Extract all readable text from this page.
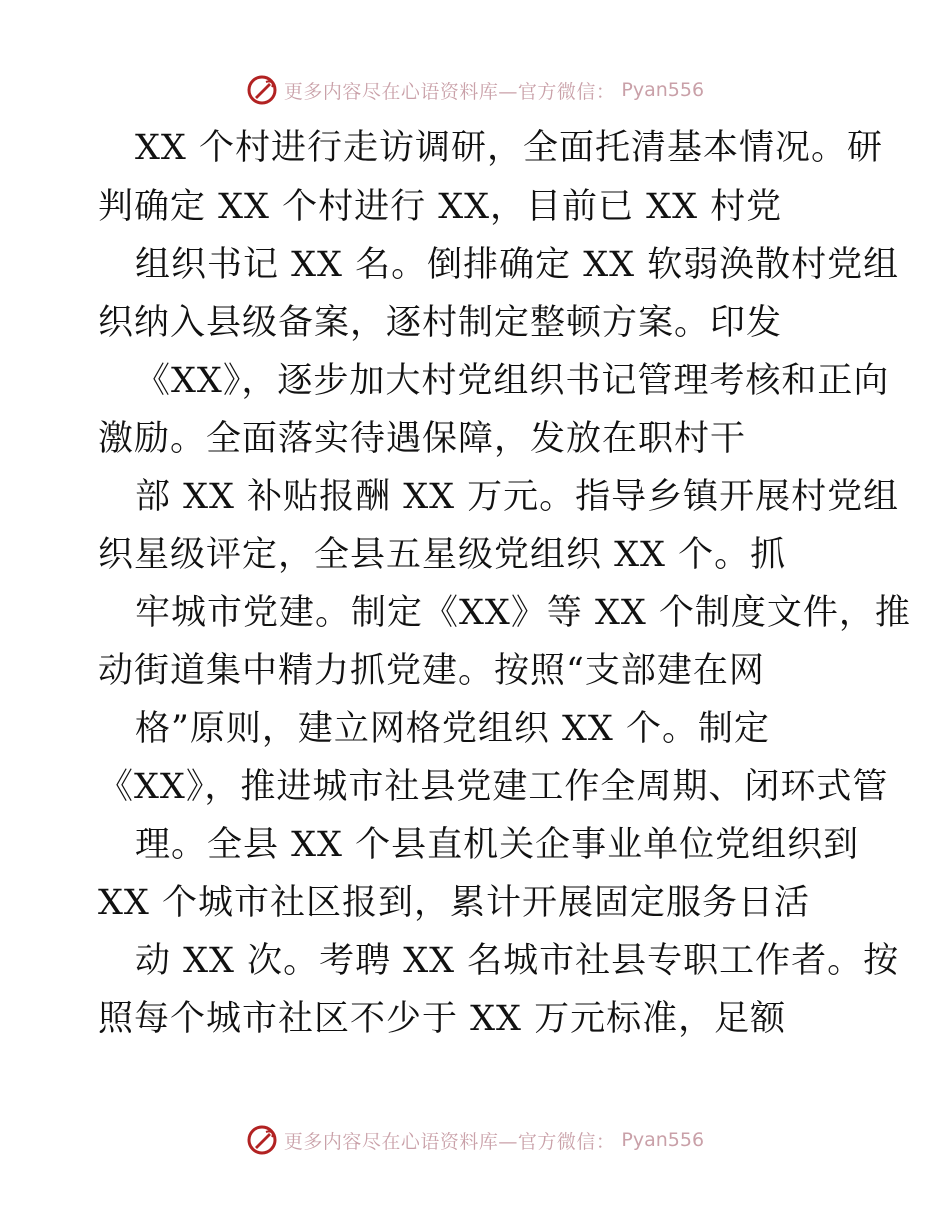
更多内容尽在心语资料库—官方微信： Pyan556
XX 个村进行走访调研，全面托清基本情况。研
判确定 XX 个村进行 XX，目前已 XX 村党
组织书记 XX 名。倒排确定 XX 软弱涣散村党组
织纳入县级备案，逐村制定整顿方案。印发
《XX》，逐步加大村党组织书记管理考核和正向
激励。全面落实待遇保障，发放在职村干
部 XX 补贴报酬 XX 万元。指导乡镇开展村党组
织星级评定，全县五星级党组织 XX 个。抓
牢城市党建。制定《XX》等 XX 个制度文件，推
动街道集中精力抓党建。按照“支部建在网
格”原则，建立网格党组织 XX 个。制定
《XX》，推进城市社县党建工作全周期、闭环式管
理。全县 XX 个县直机关企事业单位党组织到
XX 个城市社区报到，累计开展固定服务日活
动 XX 次。考聘 XX 名城市社县专职工作者。按
照每个城市社区不少于 XX 万元标准，足额
更多内容尽在心语资料库—官方微信： Pyan556
